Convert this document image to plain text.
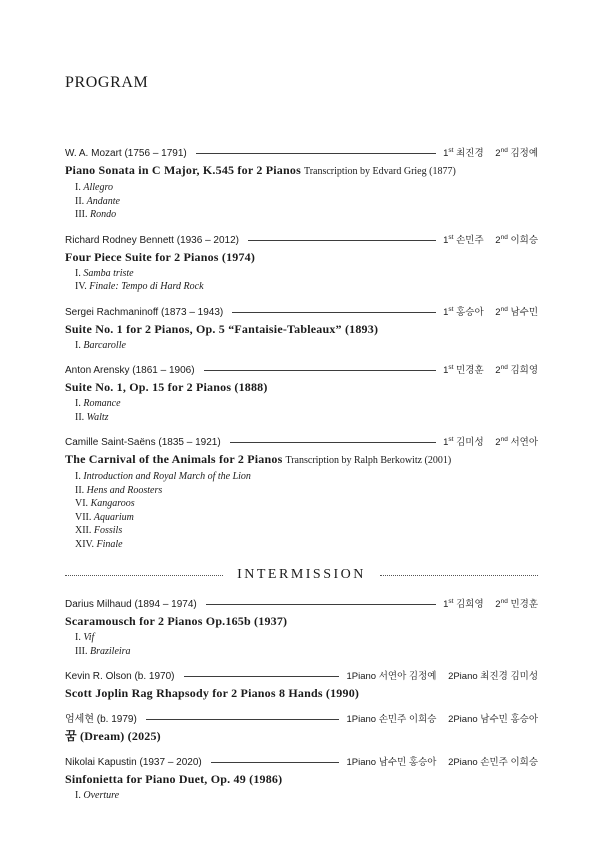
PROGRAM
W. A. Mozart (1756 – 1791)	1st 최진경 2nd 김정예
Piano Sonata in C Major, K.545 for 2 Pianos Transcription by Edvard Grieg (1877)
I. Allegro
II. Andante
III. Rondo
Richard Rodney Bennett (1936 – 2012)	1st 손민주 2nd 이희승
Four Piece Suite for 2 Pianos (1974)
I. Samba triste
IV. Finale: Tempo di Hard Rock
Sergei Rachmaninoff (1873 – 1943)	1st 홍승아 2nd 남수민
Suite No. 1 for 2 Pianos, Op. 5 “Fantaisie-Tableaux” (1893)
I. Barcarolle
Anton Arensky (1861 – 1906)	1st 민경훈 2nd 김희영
Suite No. 1, Op. 15 for 2 Pianos (1888)
I. Romance
II. Waltz
Camille Saint-Saëns (1835 – 1921)	1st 김미성 2nd 서연아
The Carnival of the Animals for 2 Pianos Transcription by Ralph Berkowitz (2001)
I. Introduction and Royal March of the Lion
II. Hens and Roosters
VI. Kangaroos
VII. Aquarium
XII. Fossils
XIV. Finale
INTERMISSION
Darius Milhaud (1894 – 1974)	1st 김희영 2nd 민경훈
Scaramousch for 2 Pianos Op.165b (1937)
I. Vif
III. Brazileira
Kevin R. Olson (b. 1970)	1Piano 서연아 김정예 2Piano 최진경 김미성
Scott Joplin Rag Rhapsody for 2 Pianos 8 Hands (1990)
엄세현 (b. 1979)	1Piano 손민주 이희승 2Piano 남수민 홍승아
꿈 (Dream) (2025)
Nikolai Kapustin (1937 – 2020)	1Piano 남수민 홍승아 2Piano 손민주 이희승
Sinfonietta for Piano Duet, Op. 49 (1986)
I. Overture
